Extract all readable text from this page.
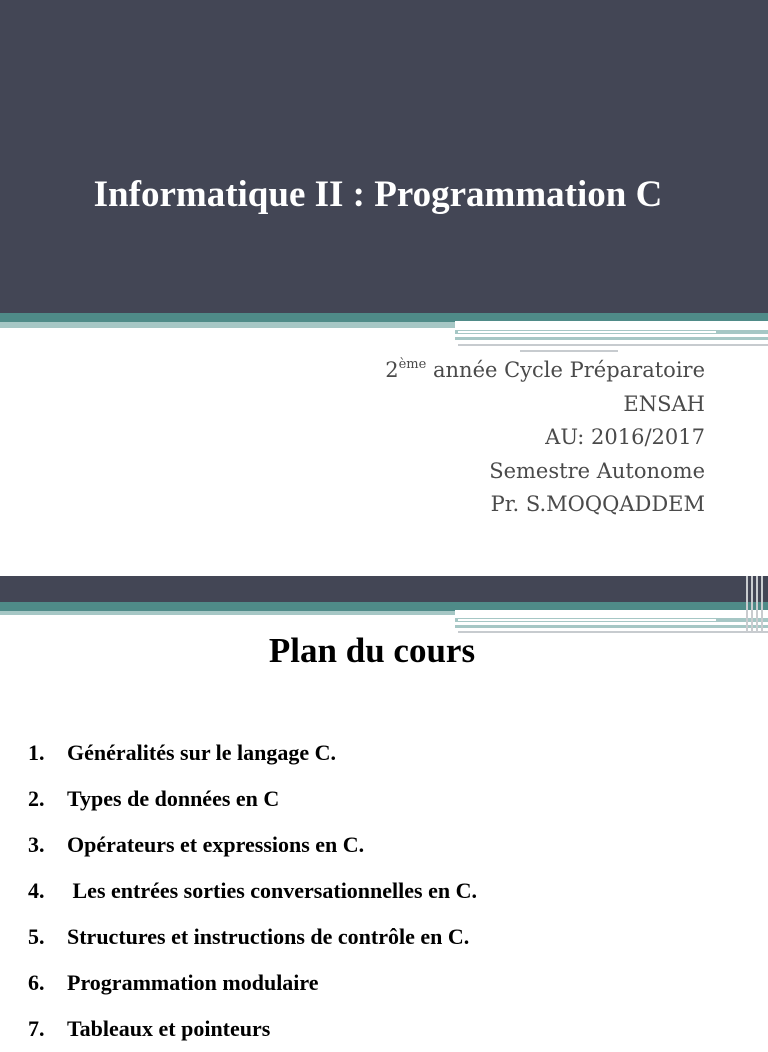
Informatique II : Programmation C
2ème année Cycle Préparatoire
ENSAH
AU: 2016/2017
Semestre Autonome
Pr. S.MOQQADDEM
Plan du cours
1. Généralités sur le langage C.
2. Types de données en C
3. Opérateurs et expressions en C.
4. Les entrées sorties conversationnelles en C.
5. Structures et instructions de contrôle en C.
6. Programmation modulaire
7. Tableaux et pointeurs
